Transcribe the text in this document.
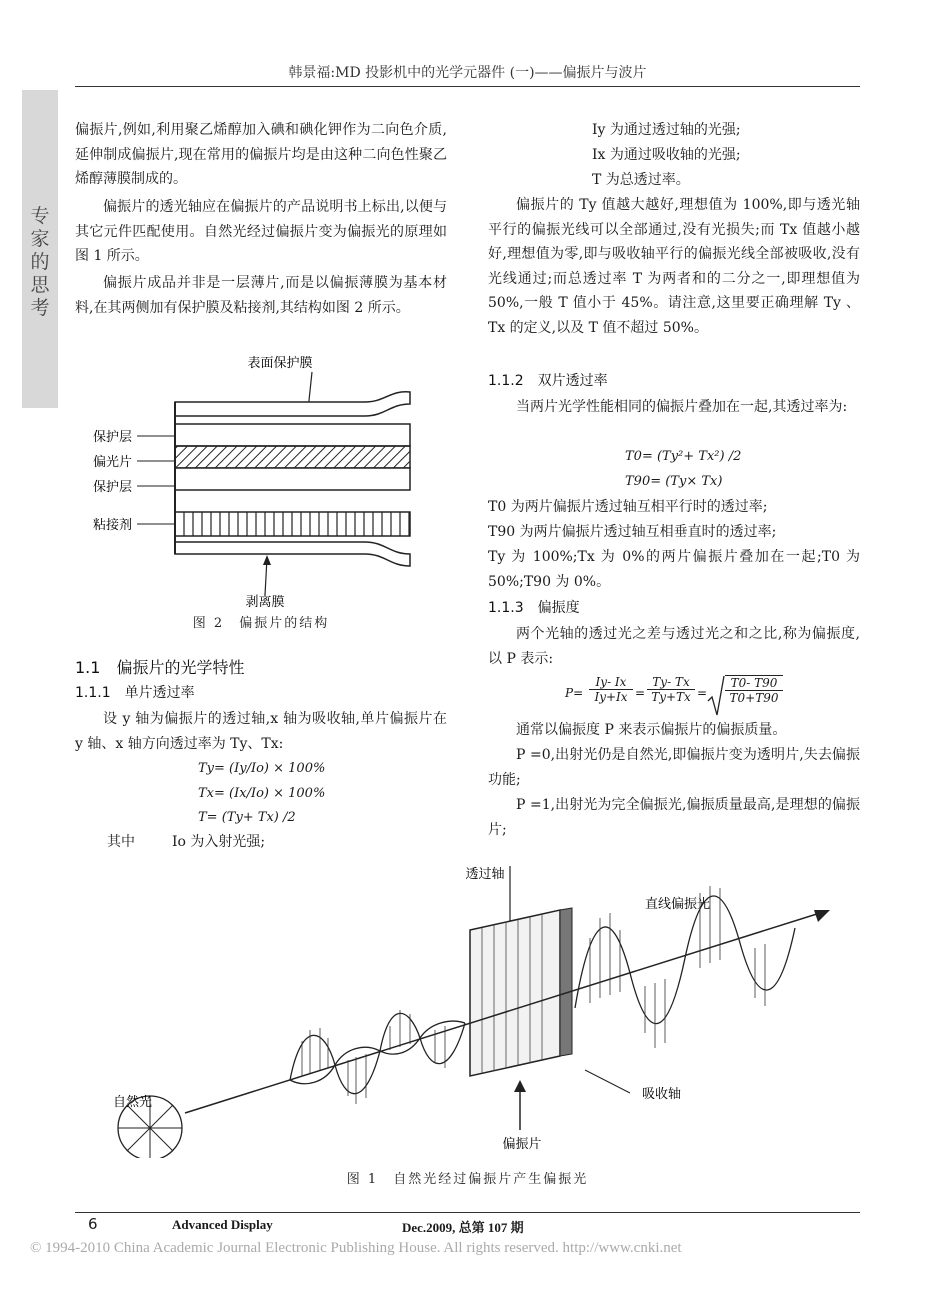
韩景福:MD 投影机中的光学元器件 (一)——偏振片与波片
专家的思考

偏振片,例如,利用聚乙烯醇加入碘和碘化钾作为二向色介质,延伸制成偏振片,现在常用的偏振片均是由这种二向色性聚乙烯醇薄膜制成的。

偏振片的透光轴应在偏振片的产品说明书上标出,以便与其它元件匹配使用。自然光经过偏振片变为偏振光的原理如图 1 所示。

偏振片成品并非是一层薄片,而是以偏振薄膜为基本材料,在其两侧加有保护膜及粘接剂,其结构如图 2 所示。

表面保护膜
保护层
偏光片
保护层
粘接剂
剥离膜
图 2　偏振片的结构
1.1　偏振片的光学特性
1.1.1　单片透过率

设 y 轴为偏振片的透过轴,x 轴为吸收轴,单片偏振片在 y 轴、x 轴方向透过率为 Ty、Tx:

Ty= (Iy/Io) × 100%
Tx= (Ix/Io) × 100%
T= (Ty+ Tx) /2
其中	Io 为入射光强;
Iy 为通过透过轴的光强;
Ix 为通过吸收轴的光强;
T 为总透过率。

偏振片的 Ty 值越大越好,理想值为 100%,即与透光轴平行的偏振光线可以全部通过,没有光损失;而 Tx 值越小越好,理想值为零,即与吸收轴平行的偏振光线全部被吸收,没有光线通过;而总透过率 T 为两者和的二分之一,即理想值为 50%,一般 T 值小于 45%。请注意,这里要正确理解 Ty 、Tx 的定义,以及 T 值不超过 50%。

1.1.2　双片透过率

当两片光学性能相同的偏振片叠加在一起,其透过率为:

T0= (Ty²+ Tx²) /2
T90= (Ty× Tx)

T0 为两片偏振片透过轴互相平行时的透过率;

T90 为两片偏振片透过轴互相垂直时的透过率;

Ty 为 100%;Tx 为 0%的两片偏振片叠加在一起;T0 为 50%;T90 为 0%。

1.1.3　偏振度

两个光轴的透过光之差与透过光之和之比,称为偏振度,以 P 表示:

P=
Iy- Ix
Iy+Ix =
Ty- Tx
Ty+Tx =
T0- T90
T0+T90

通常以偏振度 P 来表示偏振片的偏振质量。

P =0,出射光仍是自然光,即偏振片变为透明片,失去偏振功能;

P =1,出射光为完全偏振光,偏振质量最高,是理想的偏振片;

透过轴
直线偏振光
自然光
吸收轴
偏振片
图 1　自然光经过偏振片产生偏振光
6	Advanced Display	Dec.2009, 总第 107 期
© 1994-2010 China Academic Journal Electronic Publishing House. All rights reserved. http://www.cnki.net
